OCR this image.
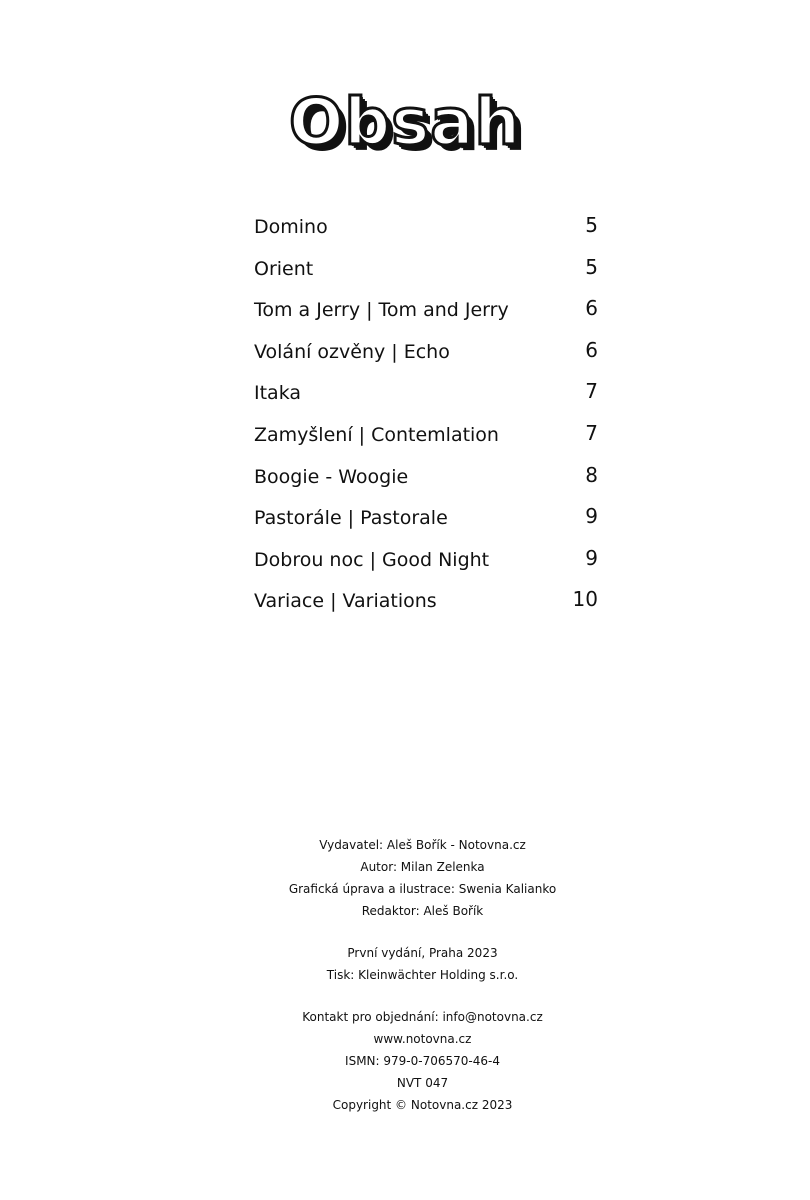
Obsah
Domino	5
Orient	5
Tom a Jerry | Tom and Jerry	6
Volání ozvěny | Echo	6
Itaka	7
Zamyšlení | Contemlation	7
Boogie - Woogie	8
Pastorále | Pastorale	9
Dobrou noc | Good Night	9
Variace | Variations	10
Vydavatel: Aleš Bořík - Notovna.cz
Autor: Milan Zelenka
Grafická úprava a ilustrace: Swenia Kalianko
Redaktor: Aleš Bořík
První vydání, Praha 2023
Tisk: Kleinwächter Holding s.r.o.
Kontakt pro objednání: info@notovna.cz
www.notovna.cz
ISMN: 979-0-706570-46-4
NVT 047
Copyright © Notovna.cz 2023
